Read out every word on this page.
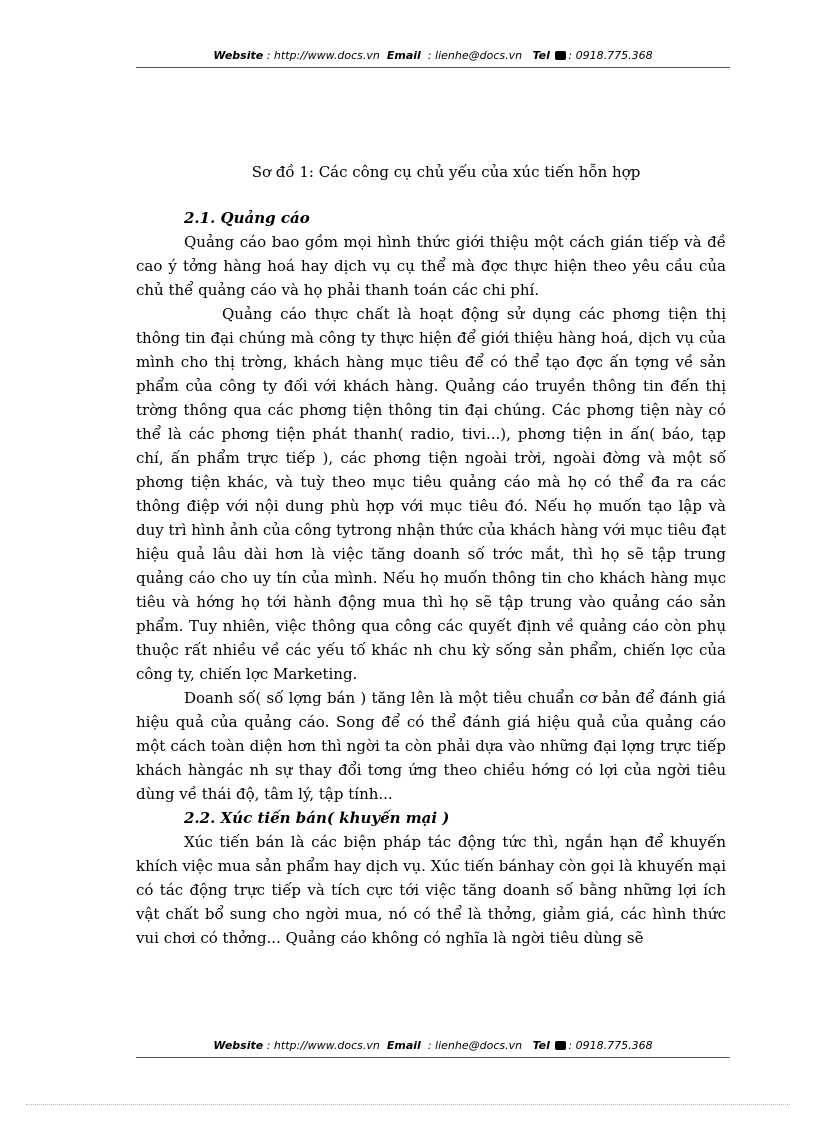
Website : http://www.docs.vn Email : lienhe@docs.vn Tel : 0918.775.368
Sơ đồ 1: Các công cụ chủ yếu của xúc tiến hỗn hợp
2.1. Quảng cáo

Quảng cáo bao gồm mọi hình thức giới thiệu một cách gián tiếp và đề cao ý tởng hàng hoá hay dịch vụ cụ thể mà đợc thực hiện theo yêu cầu của chủ thể quảng cáo và họ phải thanh toán các chi phí.

Quảng cáo thực chất là hoạt động sử dụng các phơng tiện thị thông tin đại chúng mà công ty thực hiện để giới thiệu hàng hoá, dịch vụ của mình cho thị trờng, khách hàng mục tiêu để có thể tạo đợc ấn tợng về sản phẩm của công ty đối với khách hàng. Quảng cáo truyền thông tin đến thị trờng thông qua các phơng tiện thông tin đại chúng. Các phơng tiện này có thể là các phơng tiện phát thanh( radio, tivi...), phơng tiện in ấn( báo, tạp chí, ấn phẩm trực tiếp ), các phơng tiện ngoài trời, ngoài đờng và một số phơng tiện khác, và tuỳ theo mục tiêu quảng cáo mà họ có thể đa ra các thông điệp với nội dung phù hợp với mục tiêu đó. Nếu họ muốn tạo lập và duy trì hình ảnh của công tytrong nhận thức của khách hàng với mục tiêu đạt hiệu quả lâu dài hơn là việc tăng doanh số trớc mắt, thì họ sẽ tập trung quảng cáo cho uy tín của mình. Nếu họ muốn thông tin cho khách hàng mục tiêu và hớng họ tới hành động mua thì họ sẽ tập trung vào quảng cáo sản phẩm. Tuy nhiên, việc thông qua công các quyết định về quảng cáo còn phụ thuộc rất nhiều về các yếu tố khác nh chu kỳ sống sản phẩm, chiến lợc của công ty, chiến lợc Marketing.

Doanh số( số lợng bán ) tăng lên là một tiêu chuẩn cơ bản để đánh giá hiệu quả của quảng cáo. Song để có thể đánh giá hiệu quả của quảng cáo một cách toàn diện hơn thì ngời ta còn phải dựa vào những đại lợng trực tiếp khách hàngác nh sự thay đổi tơng ứng theo chiều hớng có lợi của ngời tiêu dùng về thái độ, tâm lý, tập tính...

2.2. Xúc tiến bán( khuyến mại )

Xúc tiến bán là các biện pháp tác động tức thì, ngắn hạn để khuyến khích việc mua sản phẩm hay dịch vụ. Xúc tiến bánhay còn gọi là khuyến mại có tác động trực tiếp và tích cực tới việc tăng doanh số bằng những lợi ích vật chất bổ sung cho ngời mua, nó có thể là thởng, giảm giá, các hình thức vui chơi có thởng... Quảng cáo không có nghĩa là ngời tiêu dùng sẽ

Website : http://www.docs.vn Email : lienhe@docs.vn Tel : 0918.775.368
